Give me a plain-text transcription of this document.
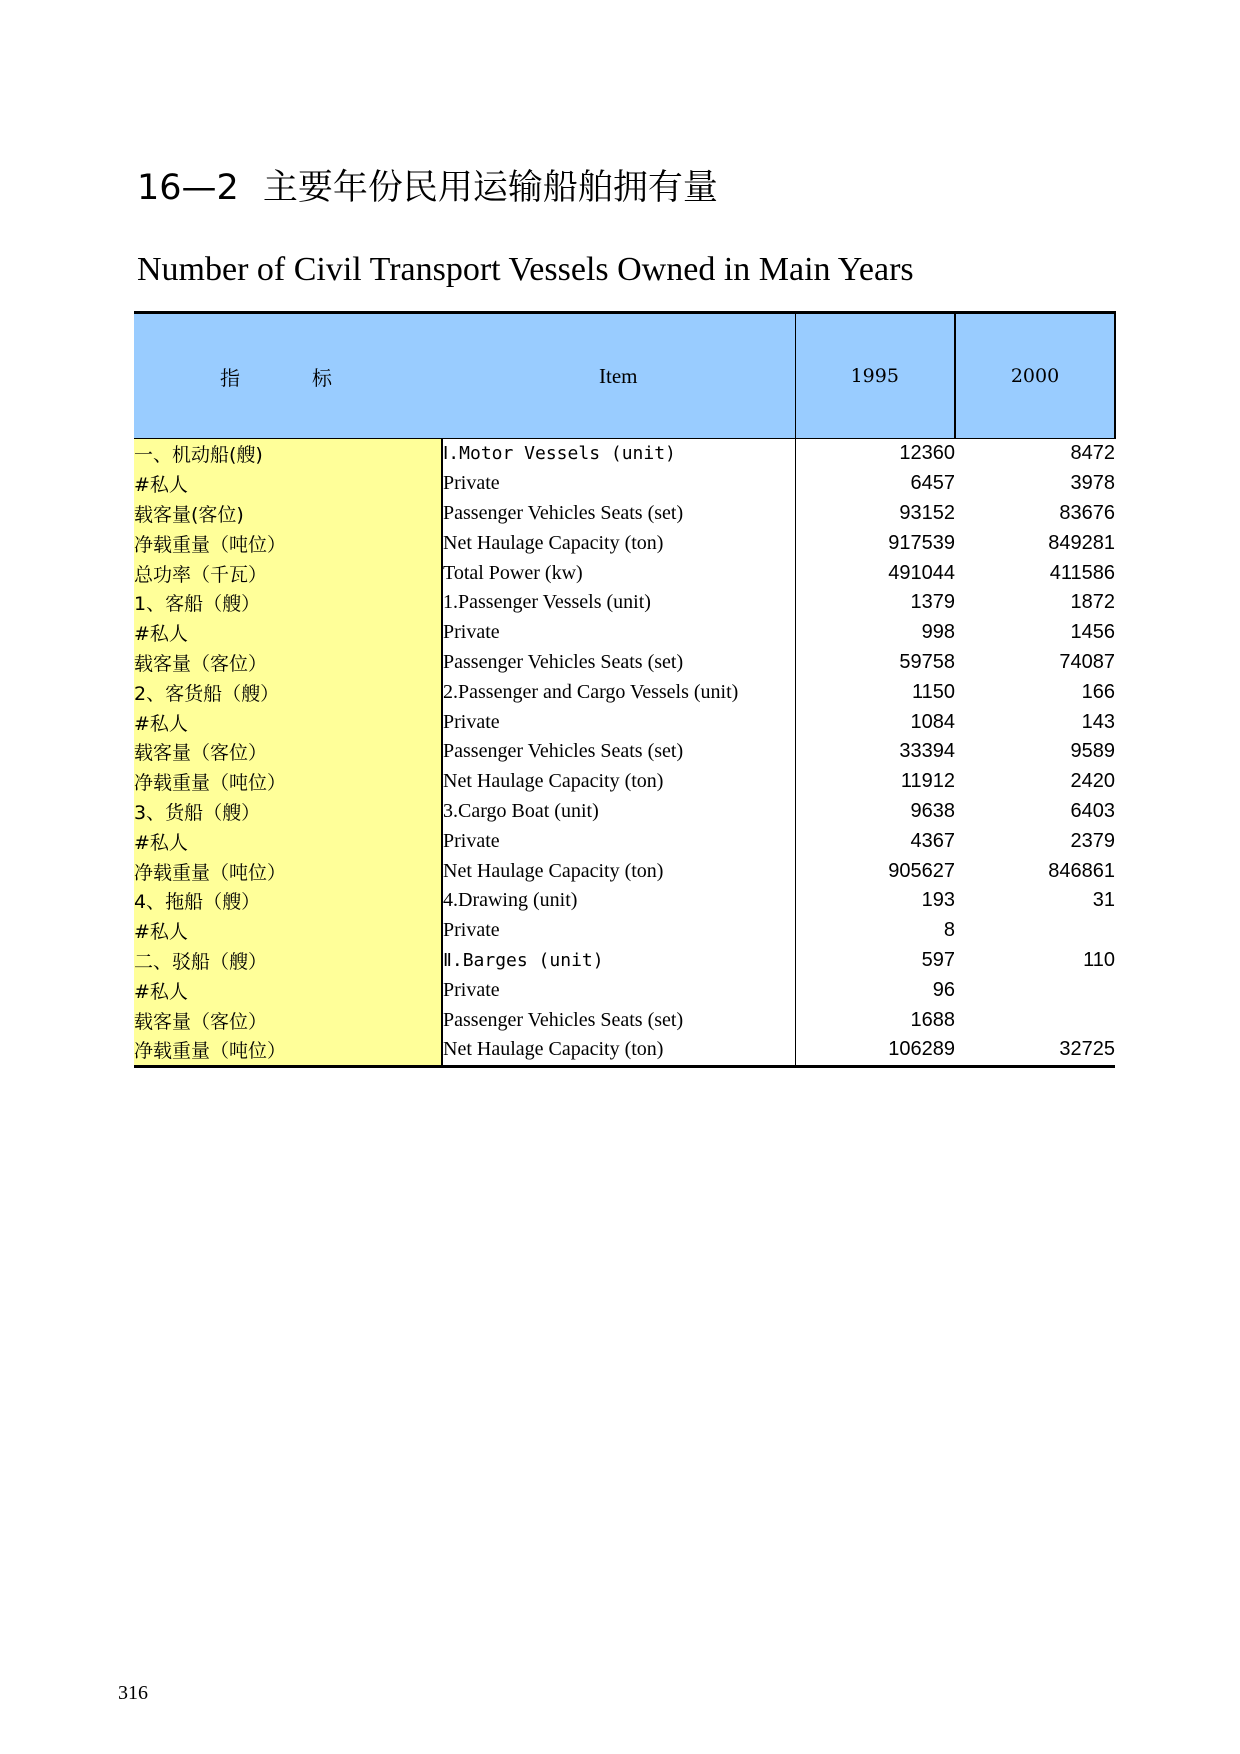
16—2 主要年份民用运输船舶拥有量
Number of Civil Transport Vessels Owned in Main Years
指 标	Item	1995	2000
一、机动船(艘)	Ⅰ.Motor Vessels (unit)	12360	8472
#私人	Private	6457	3978
载客量(客位)	Passenger Vehicles Seats (set)	93152	83676
净载重量（吨位）	Net Haulage Capacity (ton)	917539	849281
总功率（千瓦）	Total Power (kw)	491044	411586
1、客船（艘）	1.Passenger Vessels (unit)	1379	1872
#私人	Private	998	1456
载客量（客位）	Passenger Vehicles Seats (set)	59758	74087
2、客货船（艘）	2.Passenger and Cargo Vessels (unit)	1150	166
#私人	Private	1084	143
载客量（客位）	Passenger Vehicles Seats (set)	33394	9589
净载重量（吨位）	Net Haulage Capacity (ton)	11912	2420
3、货船（艘）	3.Cargo Boat (unit)	9638	6403
#私人	Private	4367	2379
净载重量（吨位）	Net Haulage Capacity (ton)	905627	846861
4、拖船（艘）	4.Drawing (unit)	193	31
#私人	Private	8	
二、驳船（艘）	Ⅱ.Barges (unit)	597	110
#私人	Private	96	
载客量（客位）	Passenger Vehicles Seats (set)	1688	
净载重量（吨位）	Net Haulage Capacity (ton)	106289	32725
316
